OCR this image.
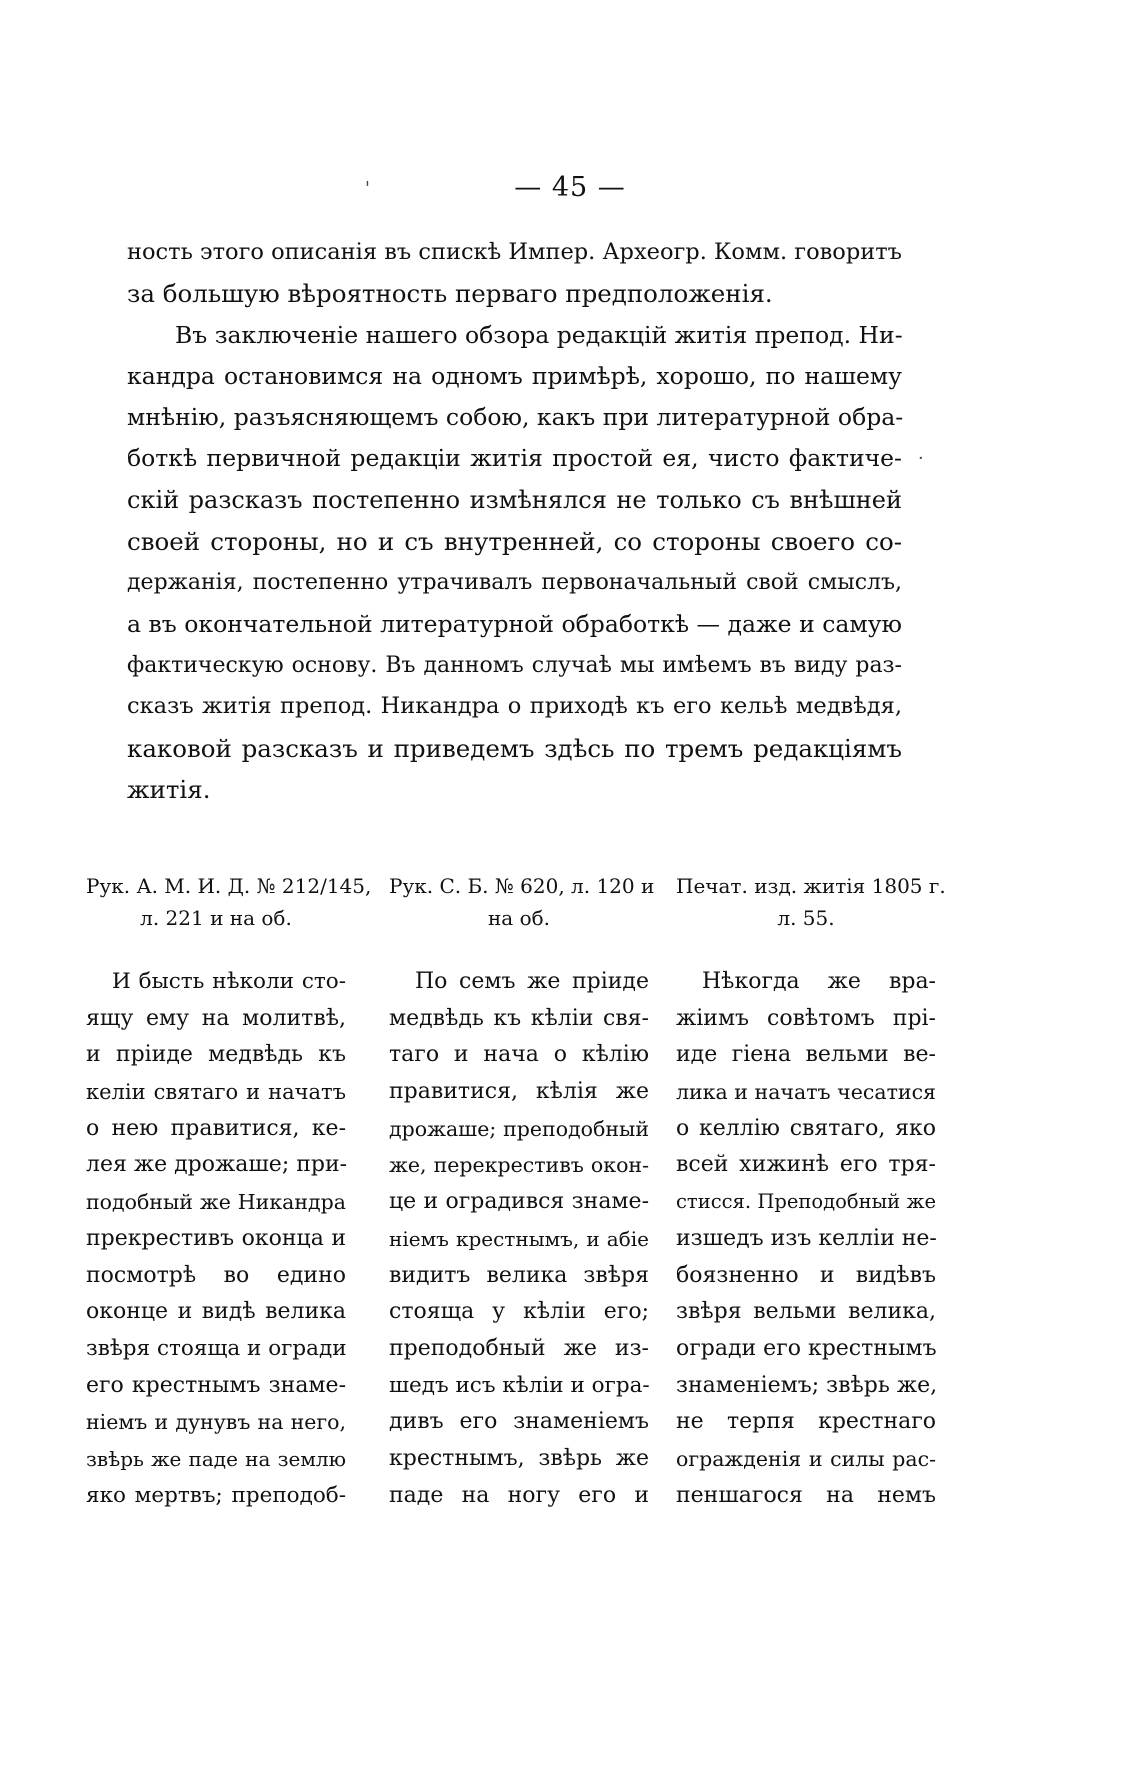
— 45 —
'
·
ность этого описанія въ спискѣ Импер. Археогр. Комм. говоритъ
за большую вѣроятность перваго предположенія.
Въ заключеніе нашего обзора редакцій житія препод. Ни-
кандра остановимся на одномъ примѣрѣ, хорошо, по нашему
мнѣнію, разъясняющемъ собою, какъ при литературной обра-
боткѣ первичной редакціи житія простой ея, чисто фактиче-
скій разсказъ постепенно измѣнялся не только съ внѣшней
своей стороны, но и съ внутренней, со стороны своего со-
держанія, постепенно утрачивалъ первоначальный свой смыслъ,
а въ окончательной литературной обработкѣ — даже и самую
фактическую основу. Въ данномъ случаѣ мы имѣемъ въ виду раз-
сказъ житія препод. Никандра о приходѣ къ его кельѣ медвѣдя,
каковой разсказъ и приведемъ здѣсь по тремъ редакціямъ
житія.
Рук. А. М. И. Д. № 212/145,
л. 221 и на об.
И бысть нѣколи сто-
ящу ему на молитвѣ,
и пріиде медвѣдь къ
келіи святаго и начатъ
о нею правитися, ке-
лея же дрожаше; при-
подобный же Никандра
прекрестивъ оконца и
посмотрѣ во едино
оконце и видѣ велика
звѣря стояща и огради
его крестнымъ знаме-
ніемъ и дунувъ на него,
звѣрь же паде на землю
яко мертвъ; преподоб-
Рук. С. Б. № 620, л. 120 и
на об.
По семъ же пріиде
медвѣдь къ кѣліи свя-
таго и нача о кѣлію
правитися, кѣлія же
дрожаше; преподобный
же, перекрестивъ окон-
це и оградився знаме-
ніемъ крестнымъ, и абіе
видитъ велика звѣря
стояща у кѣліи его;
преподобный же из-
шедъ исъ кѣліи и огра-
дивъ его знаменіемъ
крестнымъ, звѣрь же
паде на ногу его и
Печат. изд. житія 1805 г.
л. 55.
Нѣкогда же вра-
жіимъ совѣтомъ прі-
иде гіена вельми ве-
лика и начатъ чесатися
о келлію святаго, яко
всей хижинѣ его тря-
стисся. Преподобный же
изшедъ изъ келліи не-
боязненно и видѣвъ
звѣря вельми велика,
огради его крестнымъ
знаменіемъ; звѣрь же,
не терпя крестнаго
огражденія и силы рас-
пеншагося на немъ
